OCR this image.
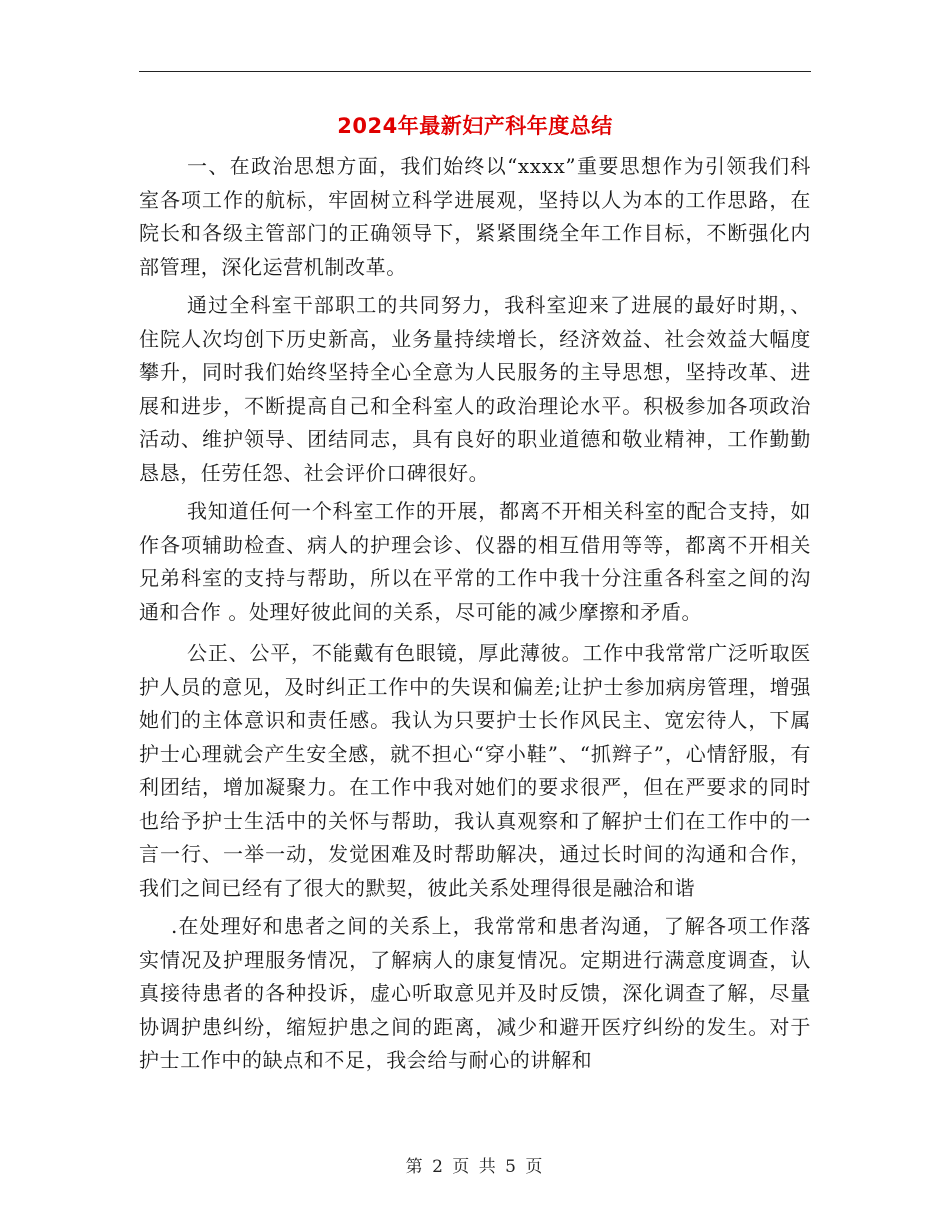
2024年最新妇产科年度总结

一、在政治思想方面，我们始终以“xxxx”重要思想作为引领我们科室各项工作的航标，牢固树立科学进展观，坚持以人为本的工作思路，在院长和各级主管部门的正确领导下，紧紧围绕全年工作目标，不断强化内部管理，深化运营机制改革。

通过全科室干部职工的共同努力，我科室迎来了进展的最好时期，、住院人次均创下历史新高，业务量持续增长，经济效益、社会效益大幅度攀升，同时我们始终坚持全心全意为人民服务的主导思想，坚持改革、进展和进步，不断提高自己和全科室人的政治理论水平。积极参加各项政治活动、维护领导、团结同志，具有良好的职业道德和敬业精神，工作勤勤恳恳，任劳任怨、社会评价口碑很好。

我知道任何一个科室工作的开展，都离不开相关科室的配合支持，如作各项辅助检查、病人的护理会诊、仪器的相互借用等等，都离不开相关兄弟科室的支持与帮助，所以在平常的工作中我十分注重各科室之间的沟通和合作 。处理好彼此间的关系，尽可能的减少摩擦和矛盾。

公正、公平，不能戴有色眼镜，厚此薄彼。工作中我常常广泛听取医护人员的意见，及时纠正工作中的失误和偏差;让护士参加病房管理，增强她们的主体意识和责任感。我认为只要护士长作风民主、宽宏待人，下属护士心理就会产生安全感，就不担心“穿小鞋”、“抓辫子”，心情舒服，有利团结，增加凝聚力。在工作中我对她们的要求很严，但在严要求的同时也给予护士生活中的关怀与帮助，我认真观察和了解护士们在工作中的一言一行、一举一动，发觉困难及时帮助解决，通过长时间的沟通和合作，我们之间已经有了很大的默契，彼此关系处理得很是融洽和谐

.在处理好和患者之间的关系上，我常常和患者沟通，了解各项工作落实情况及护理服务情况，了解病人的康复情况。定期进行满意度调查，认真接待患者的各种投诉，虚心听取意见并及时反馈，深化调查了解，尽量协调护患纠纷，缩短护患之间的距离，减少和避开医疗纠纷的发生。对于护士工作中的缺点和不足，我会给与耐心的讲解和

第 2 页 共 5 页
